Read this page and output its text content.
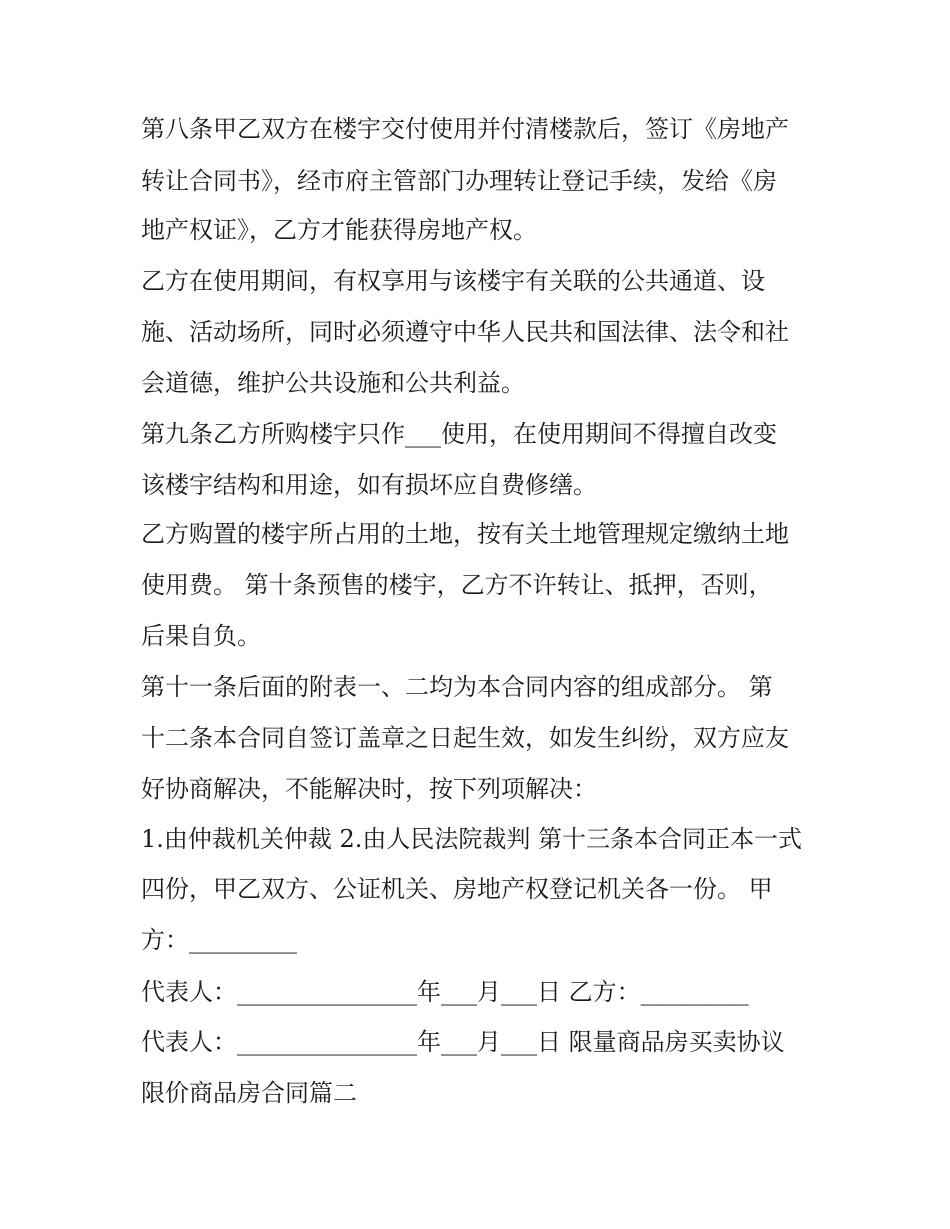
第八条甲乙双方在楼宇交付使用并付清楼款后，签订《房地产
转让合同书》，经市府主管部门办理转让登记手续，发给《房
地产权证》，乙方才能获得房地产权。
乙方在使用期间，有权享用与该楼宇有关联的公共通道、设
施、活动场所，同时必须遵守中华人民共和国法律、法令和社
会道德，维护公共设施和公共利益。
第九条乙方所购楼宇只作___使用，在使用期间不得擅自改变
该楼宇结构和用途，如有损坏应自费修缮。
乙方购置的楼宇所占用的土地，按有关土地管理规定缴纳土地
使用费。 第十条预售的楼宇，乙方不许转让、抵押，否则，
后果自负。
第十一条后面的附表一、二均为本合同内容的组成部分。 第
十二条本合同自签订盖章之日起生效，如发生纠纷，双方应友
好协商解决，不能解决时，按下列项解决：
1.由仲裁机关仲裁 2.由人民法院裁判 第十三条本合同正本一式
四份，甲乙双方、公证机关、房地产权登记机关各一份。 甲
方：_________
代表人：_______________年___月___日 乙方：_________
代表人：_______________年___月___日 限量商品房买卖协议
限价商品房合同篇二
